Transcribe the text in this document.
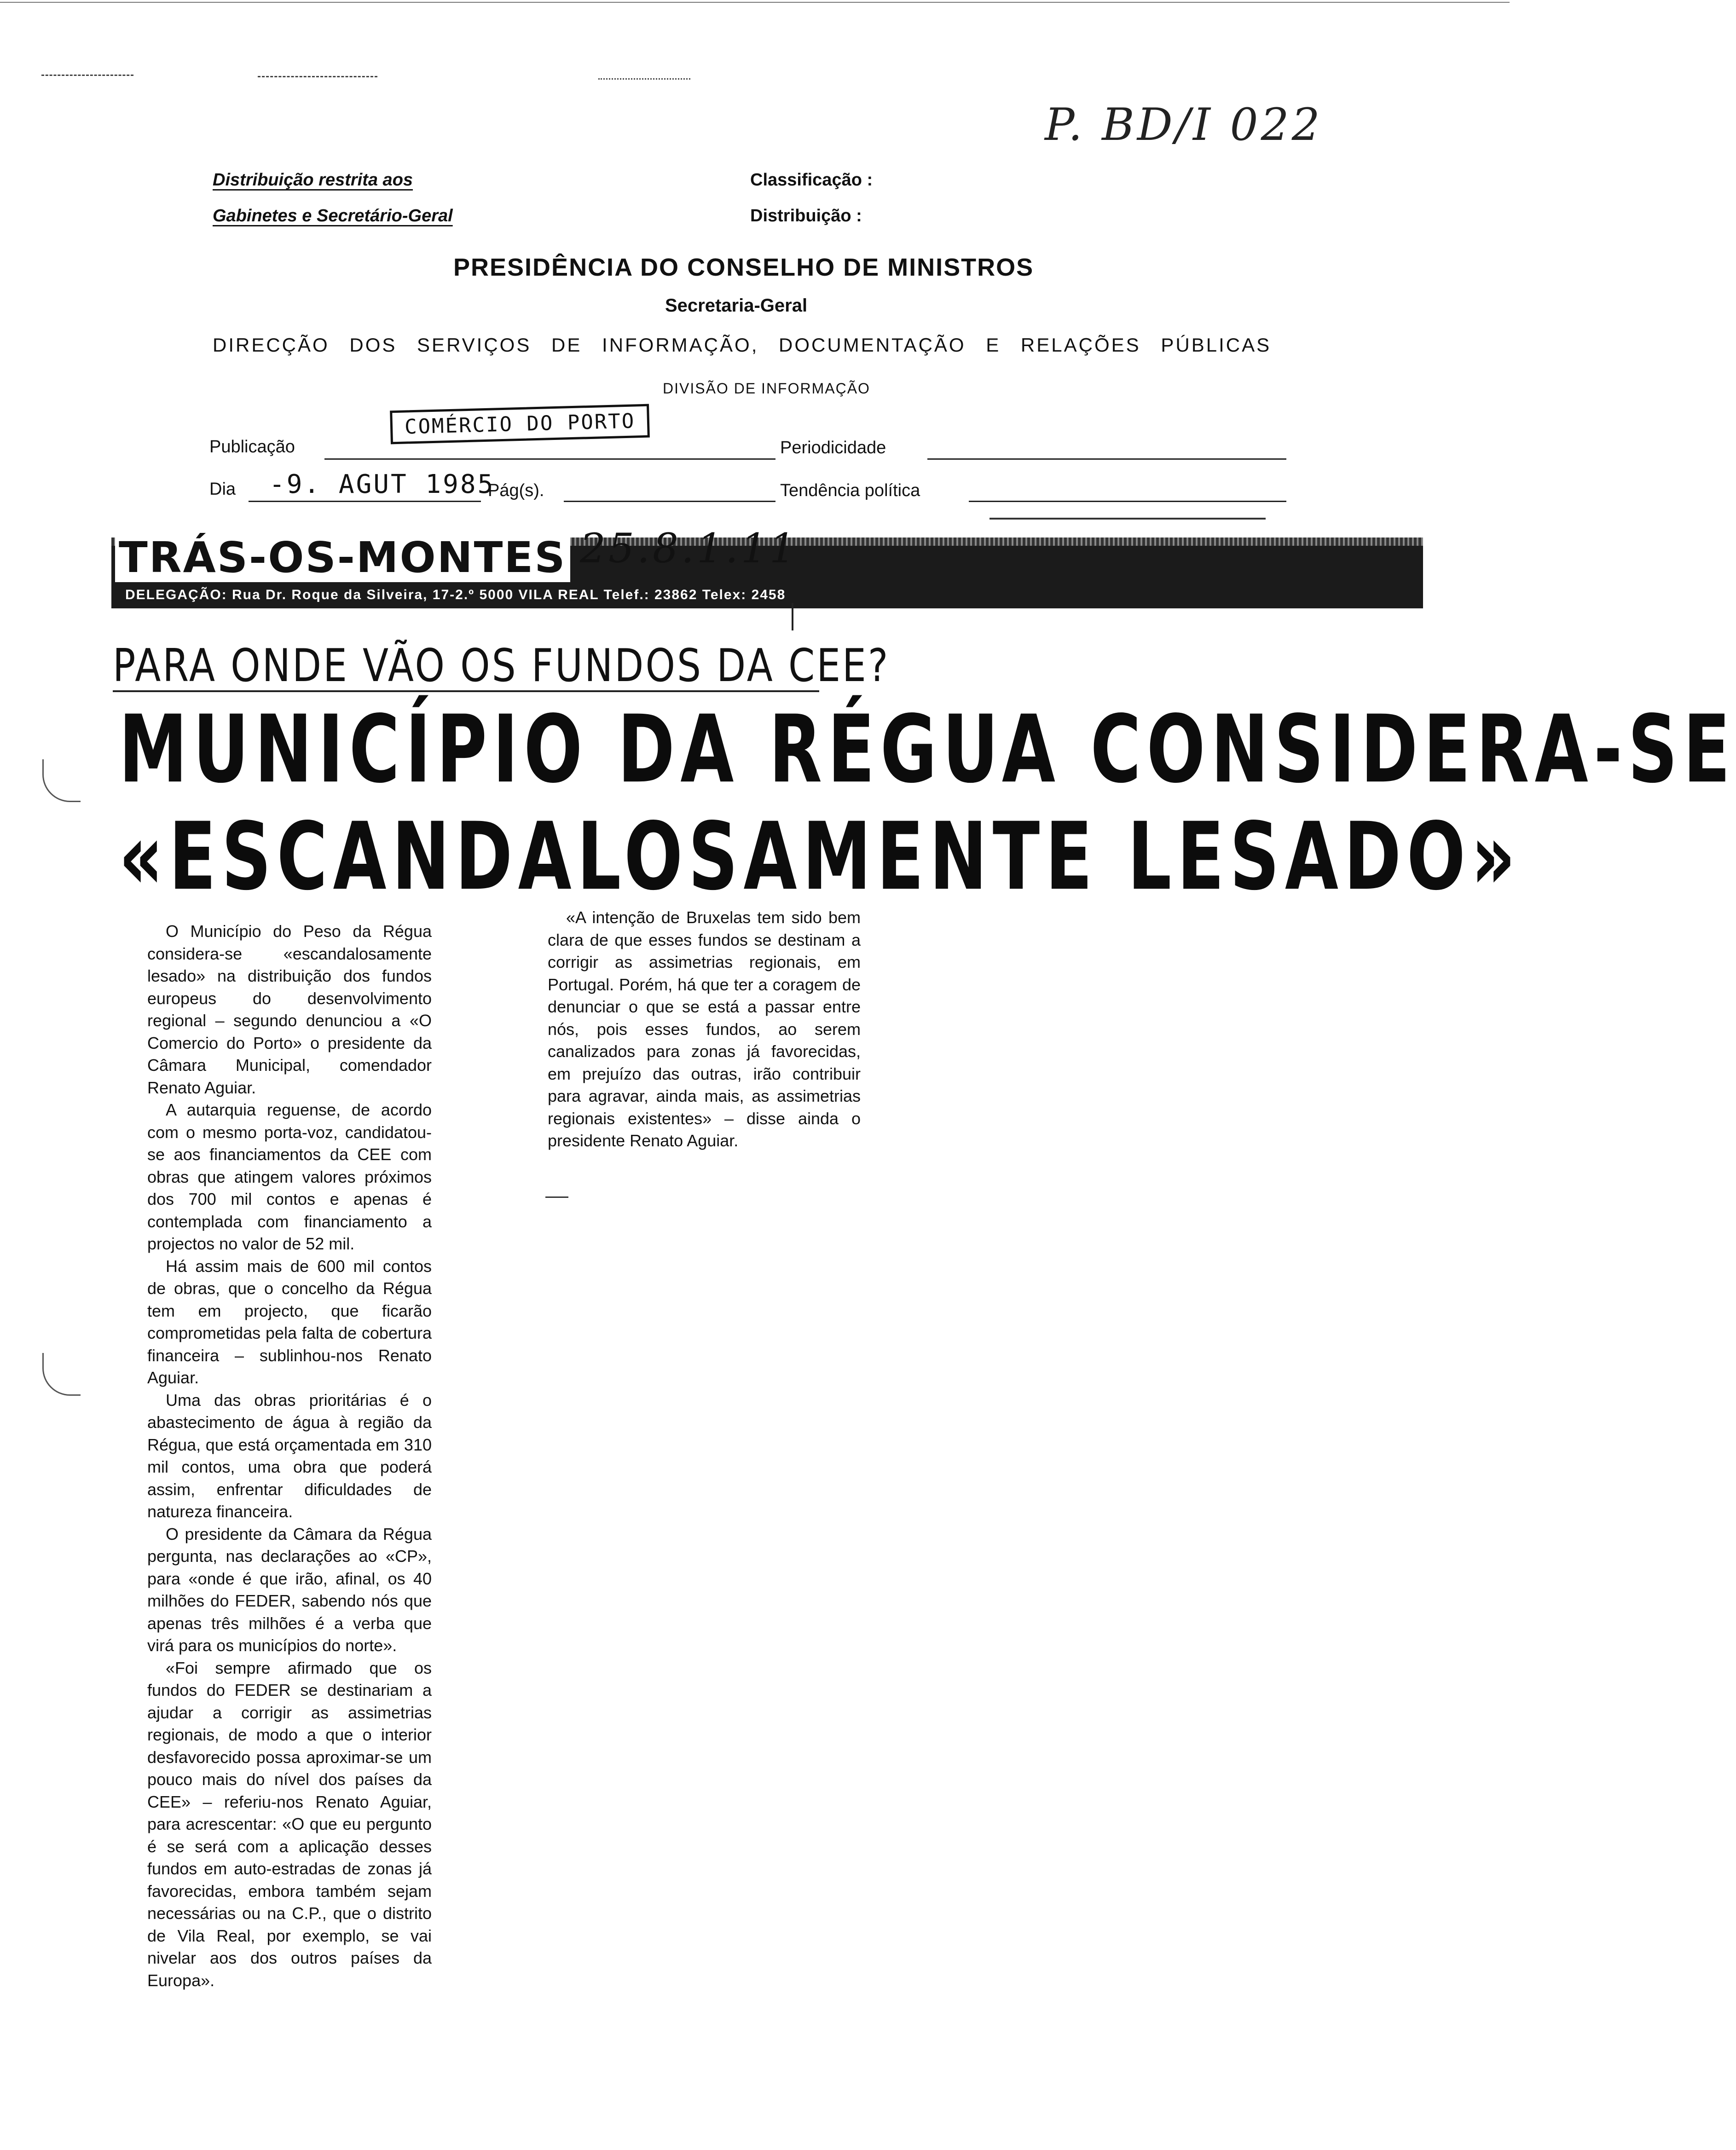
P. BD/I 022
Distribuição restrita aos
Gabinetes e Secretário-Geral
Classificação :
Distribuição :
PRESIDÊNCIA DO CONSELHO DE MINISTROS
Secretaria-Geral
DIRECÇÃO DOS SERVIÇOS DE INFORMAÇÃO, DOCUMENTAÇÃO E RELAÇÕES PÚBLICAS
DIVISÃO DE INFORMAÇÃO
Publicação
COMÉRCIO DO PORTO
Periodicidade
Dia -9. AGUT 1985
Pág(s).	Tendência política
TRÁS-OS-MONTES 25.8.1.11
DELEGAÇÃO: Rua Dr. Roque da Silveira, 17-2.º 5000 VILA REAL Telef.: 23862 Telex: 2458
PARA ONDE VÃO OS FUNDOS DA CEE?
MUNICÍPIO DA RÉGUA CONSIDERA-SE
«ESCANDALOSAMENTE LESADO»

O Município do Peso da Régua considera-se «escandalosamente lesado» na distribuição dos fundos europeus do desenvolvimento regional – segundo denunciou a «O Comercio do Porto» o presidente da Câmara Municipal, comendador Renato Aguiar.

A autarquia reguense, de acordo com o mesmo porta-voz, candidatou-se aos financiamentos da CEE com obras que atingem valores próximos dos 700 mil contos e apenas é contemplada com financiamento a projectos no valor de 52 mil.

Há assim mais de 600 mil contos de obras, que o concelho da Régua tem em projecto, que ficarão comprometidas pela falta de cobertura financeira – sublinhou-nos Renato Aguiar.

Uma das obras prioritárias é o abastecimento de água à região da Régua, que está orçamentada em 310 mil contos, uma obra que poderá assim, enfrentar dificuldades de natureza financeira.

O presidente da Câmara da Régua pergunta, nas declarações ao «CP», para «onde é que irão, afinal, os 40 milhões do FEDER, sabendo nós que apenas três milhões é a verba que virá para os municípios do norte».

«Foi sempre afirmado que os fundos do FEDER se destinariam a ajudar a corrigir as assimetrias regionais, de modo a que o interior desfavorecido possa aproximar-se um pouco mais do nível dos países da CEE» – referiu-nos Renato Aguiar, para acrescentar: «O que eu pergunto é se será com a aplicação desses fundos em auto-estradas de zonas já favorecidas, embora também sejam necessárias ou na C.P., que o distrito de Vila Real, por exemplo, se vai nivelar aos dos outros países da Europa».

«A intenção de Bruxelas tem sido bem clara de que esses fundos se destinam a corrigir as assimetrias regionais, em Portugal. Porém, há que ter a coragem de denunciar o que se está a passar entre nós, pois esses fundos, ao serem canalizados para zonas já favorecidas, em prejuízo das outras, irão contribuir para agravar, ainda mais, as assimetrias regionais existentes» – disse ainda o presidente Renato Aguiar.
